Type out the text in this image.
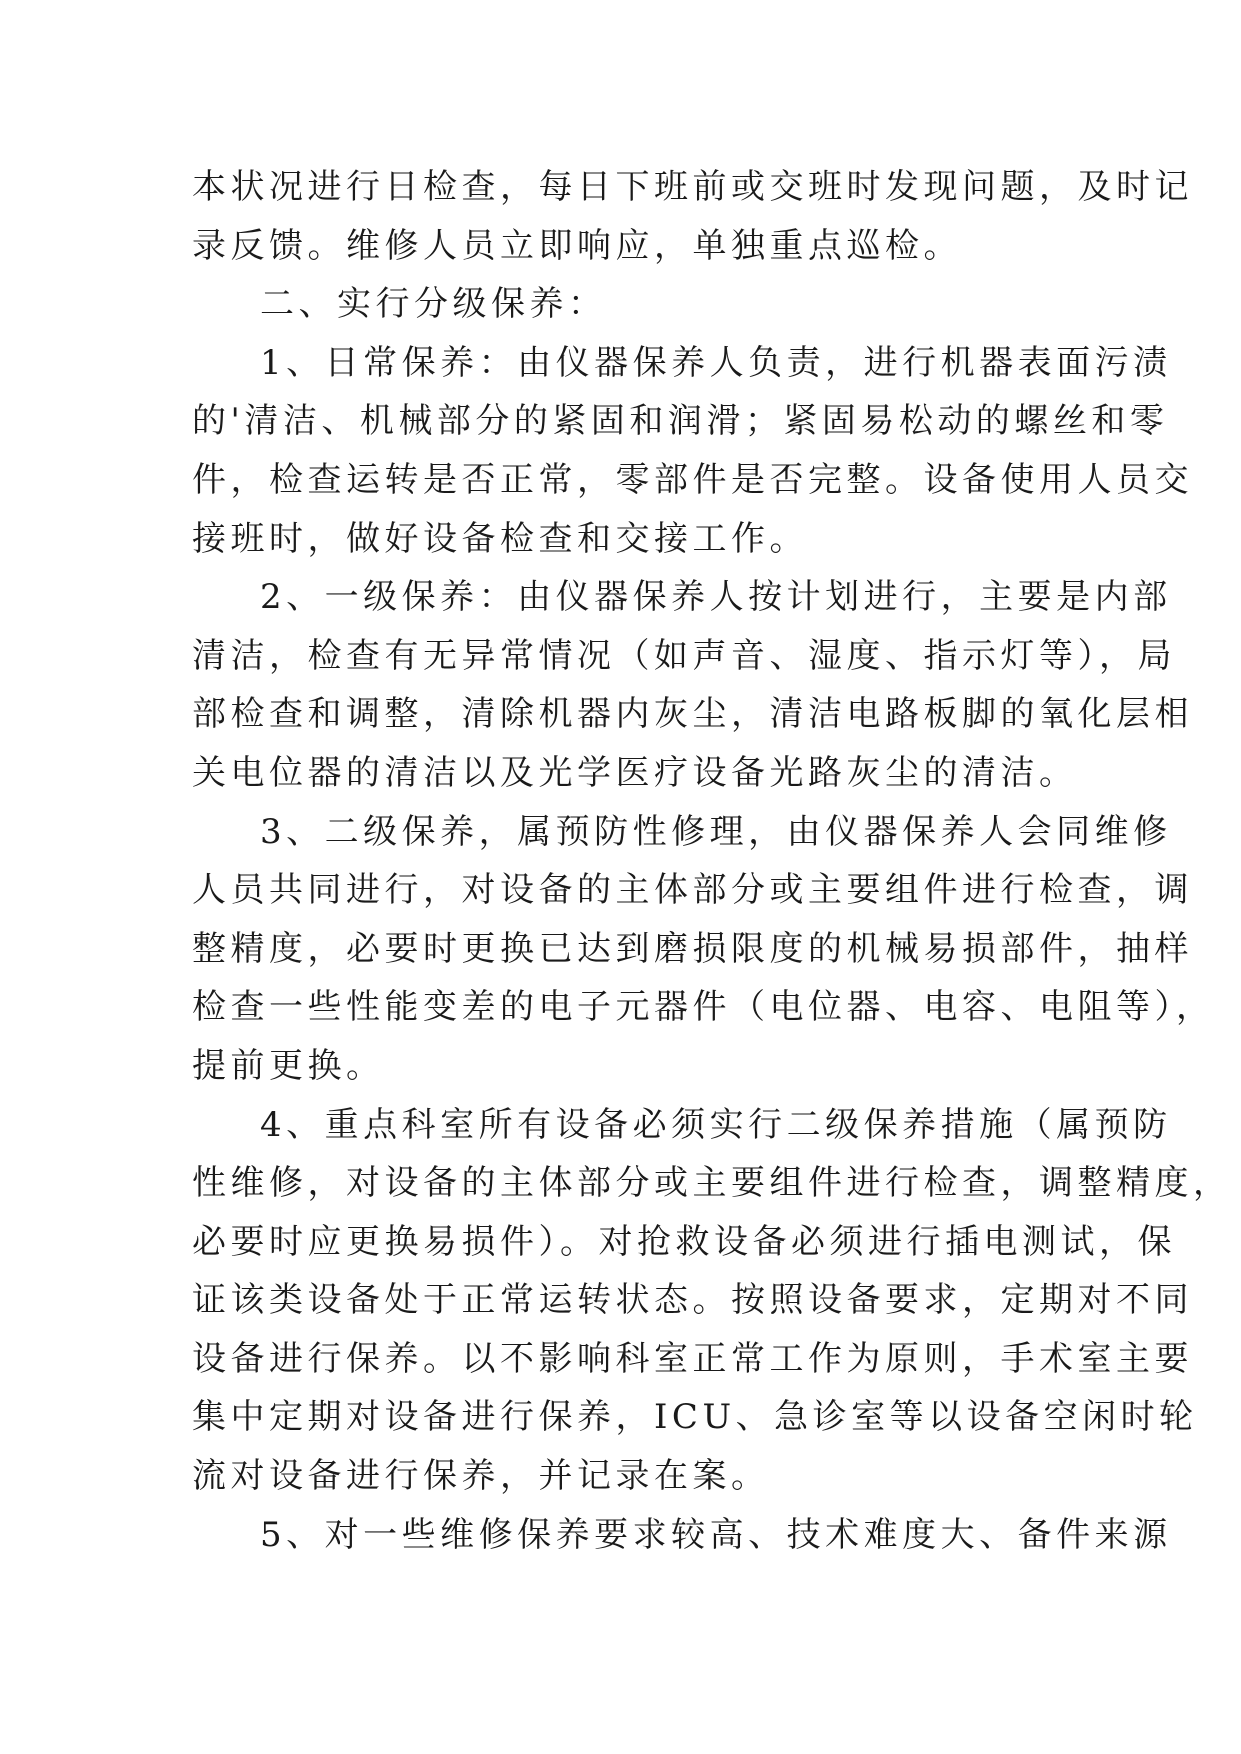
本状况进行日检查，每日下班前或交班时发现问题，及时记
录反馈。维修人员立即响应，单独重点巡检。
二、实行分级保养：
1、日常保养：由仪器保养人负责，进行机器表面污渍
的'清洁、机械部分的紧固和润滑；紧固易松动的螺丝和零
件，检查运转是否正常，零部件是否完整。设备使用人员交
接班时，做好设备检查和交接工作。
2、一级保养：由仪器保养人按计划进行，主要是内部
清洁，检查有无异常情况（如声音、湿度、指示灯等），局
部检查和调整，清除机器内灰尘，清洁电路板脚的氧化层相
关电位器的清洁以及光学医疗设备光路灰尘的清洁。
3、二级保养，属预防性修理，由仪器保养人会同维修
人员共同进行，对设备的主体部分或主要组件进行检查，调
整精度，必要时更换已达到磨损限度的机械易损部件，抽样
检查一些性能变差的电子元器件（电位器、电容、电阻等），
提前更换。
4、重点科室所有设备必须实行二级保养措施（属预防
性维修，对设备的主体部分或主要组件进行检查，调整精度，
必要时应更换易损件）。对抢救设备必须进行插电测试，保
证该类设备处于正常运转状态。按照设备要求，定期对不同
设备进行保养。以不影响科室正常工作为原则，手术室主要
集中定期对设备进行保养，ICU、急诊室等以设备空闲时轮
流对设备进行保养，并记录在案。
5、对一些维修保养要求较高、技术难度大、备件来源
